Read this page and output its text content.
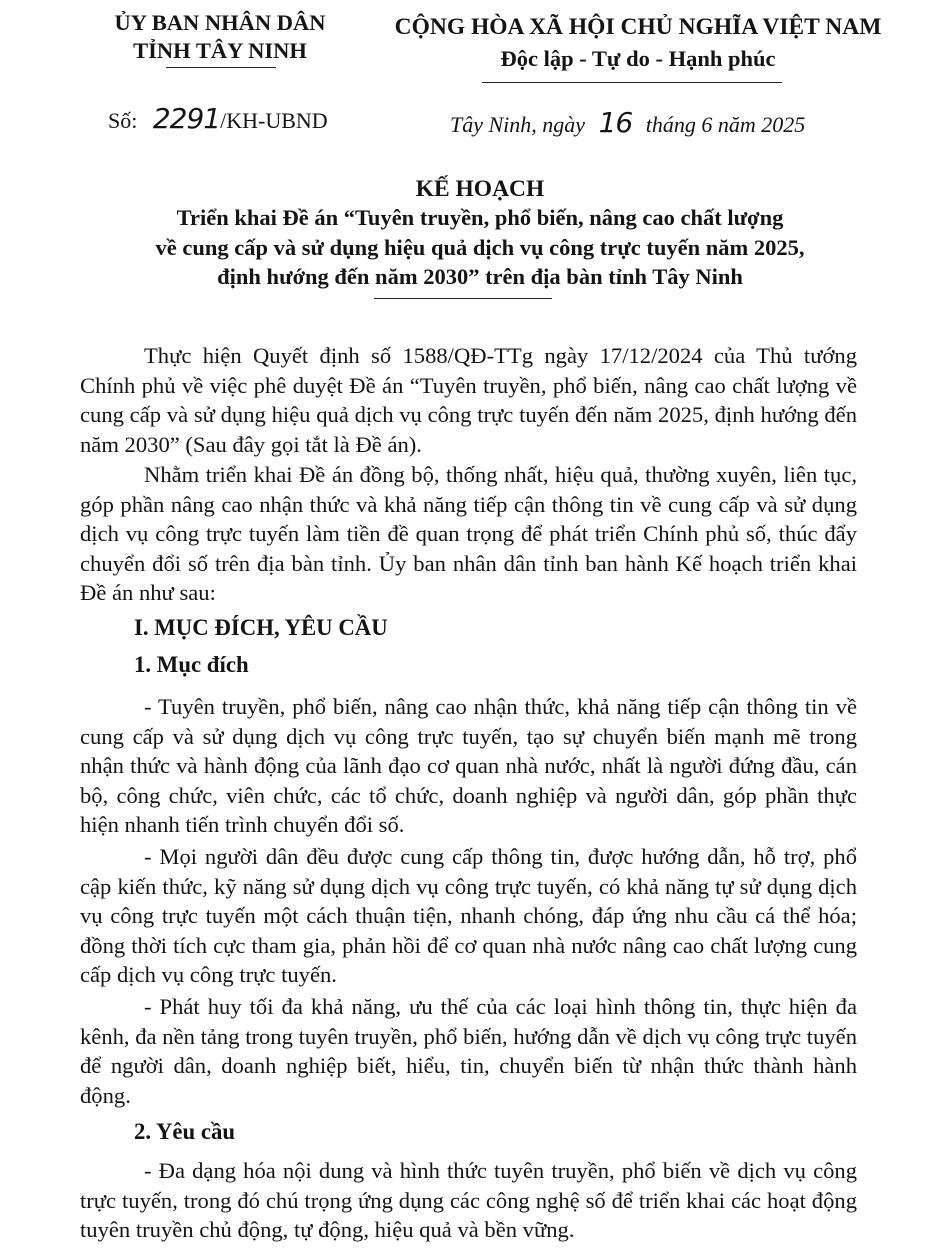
ỦY BAN NHÂN DÂN
TỈNH TÂY NINH
CỘNG HÒA XÃ HỘI CHỦ NGHĨA VIỆT NAM
Độc lập - Tự do - Hạnh phúc
Số: 2291/KH-UBND	Tây Ninh, ngày 16 tháng 6 năm 2025
KẾ HOẠCH
Triển khai Đề án “Tuyên truyền, phổ biến, nâng cao chất lượng
về cung cấp và sử dụng hiệu quả dịch vụ công trực tuyến năm 2025,
định hướng đến năm 2030” trên địa bàn tỉnh Tây Ninh

Thực hiện Quyết định số 1588/QĐ-TTg ngày 17/12/2024 của Thủ tướng Chính phủ về việc phê duyệt Đề án “Tuyên truyền, phổ biến, nâng cao chất lượng về cung cấp và sử dụng hiệu quả dịch vụ công trực tuyến đến năm 2025, định hướng đến năm 2030” (Sau đây gọi tắt là Đề án).

Nhằm triển khai Đề án đồng bộ, thống nhất, hiệu quả, thường xuyên, liên tục, góp phần nâng cao nhận thức và khả năng tiếp cận thông tin về cung cấp và sử dụng dịch vụ công trực tuyến làm tiền đề quan trọng để phát triển Chính phủ số, thúc đẩy chuyển đổi số trên địa bàn tỉnh. Ủy ban nhân dân tỉnh ban hành Kế hoạch triển khai Đề án như sau:

I. MỤC ĐÍCH, YÊU CẦU
1. Mục đích

- Tuyên truyền, phổ biến, nâng cao nhận thức, khả năng tiếp cận thông tin về cung cấp và sử dụng dịch vụ công trực tuyến, tạo sự chuyển biến mạnh mẽ trong nhận thức và hành động của lãnh đạo cơ quan nhà nước, nhất là người đứng đầu, cán bộ, công chức, viên chức, các tổ chức, doanh nghiệp và người dân, góp phần thực hiện nhanh tiến trình chuyển đổi số.

- Mọi người dân đều được cung cấp thông tin, được hướng dẫn, hỗ trợ, phổ cập kiến thức, kỹ năng sử dụng dịch vụ công trực tuyến, có khả năng tự sử dụng dịch vụ công trực tuyến một cách thuận tiện, nhanh chóng, đáp ứng nhu cầu cá thể hóa; đồng thời tích cực tham gia, phản hồi để cơ quan nhà nước nâng cao chất lượng cung cấp dịch vụ công trực tuyến.

- Phát huy tối đa khả năng, ưu thế của các loại hình thông tin, thực hiện đa kênh, đa nền tảng trong tuyên truyền, phổ biến, hướng dẫn về dịch vụ công trực tuyến để người dân, doanh nghiệp biết, hiểu, tin, chuyển biến từ nhận thức thành hành động.

2. Yêu cầu

- Đa dạng hóa nội dung và hình thức tuyên truyền, phổ biến về dịch vụ công trực tuyến, trong đó chú trọng ứng dụng các công nghệ số để triển khai các hoạt động tuyên truyền chủ động, tự động, hiệu quả và bền vững.
